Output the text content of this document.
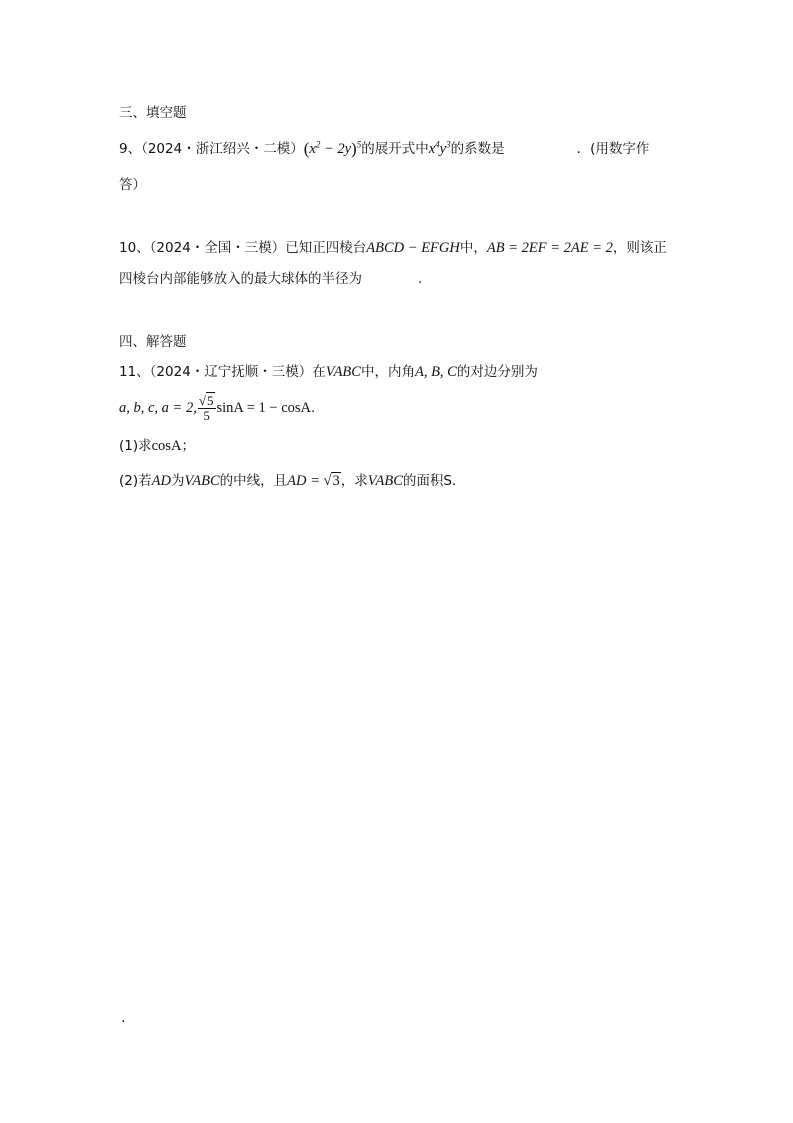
三、填空题
9、（2024・浙江绍兴・二模）$(x^2 - 2y)^5$的展开式中$x^4y^3$的系数是	．(用数字作
答）
10、（2024・全国・三模）已知正四棱台ABCD − EFGH中，AB = 2EF = 2AE = 2，则该正
四棱台内部能够放入的最大球体的半径为	.
四、解答题
11、（2024・辽宁抚顺・三模）在VABC中，内角A, B, C的对边分别为
a, b, c, a = 2, $\frac{√5}{5}$ sinA = 1 − cosA.
(1)求cosA；
(2)若AD为VABC的中线，且AD = √3，求VABC的面积S．
.
